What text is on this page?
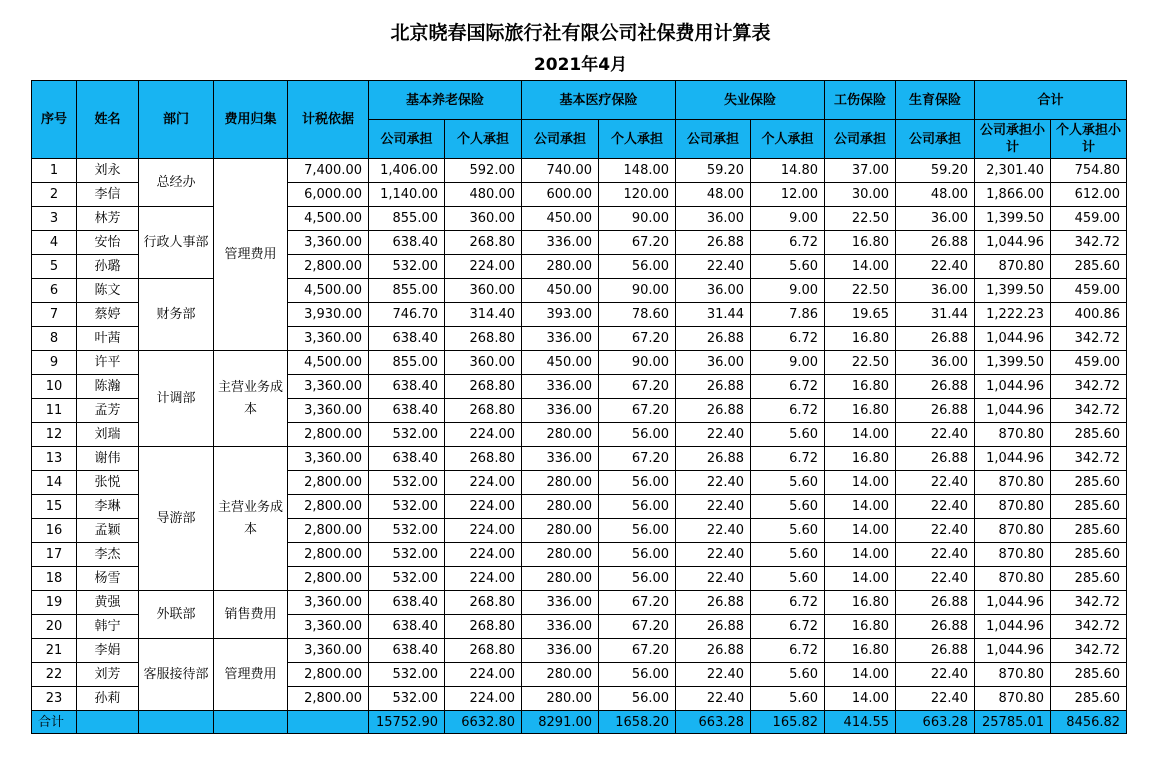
北京晓春国际旅行社有限公司社保费用计算表
2021年4月
序号	姓名	部门	费用归集	计税依据	基本养老保险		基本医疗保险		失业保险		工伤保险	生育保险	合计	
					公司承担	个人承担	公司承担	个人承担	公司承担	个人承担	公司承担	公司承担	公司承担小计	个人承担小计
1	刘永	总经办	管理费用	7,400.00	1,406.00	592.00	740.00	148.00	59.20	14.80	37.00	59.20	2,301.40	754.80
2	李信			6,000.00	1,140.00	480.00	600.00	120.00	48.00	12.00	30.00	48.00	1,866.00	612.00
3	林芳	行政人事部		4,500.00	855.00	360.00	450.00	90.00	36.00	9.00	22.50	36.00	1,399.50	459.00
4	安怡			3,360.00	638.40	268.80	336.00	67.20	26.88	6.72	16.80	26.88	1,044.96	342.72
5	孙璐			2,800.00	532.00	224.00	280.00	56.00	22.40	5.60	14.00	22.40	870.80	285.60
6	陈文	财务部		4,500.00	855.00	360.00	450.00	90.00	36.00	9.00	22.50	36.00	1,399.50	459.00
7	蔡婷			3,930.00	746.70	314.40	393.00	78.60	31.44	7.86	19.65	31.44	1,222.23	400.86
8	叶茜			3,360.00	638.40	268.80	336.00	67.20	26.88	6.72	16.80	26.88	1,044.96	342.72
9	许平	计调部	主营业务成本	4,500.00	855.00	360.00	450.00	90.00	36.00	9.00	22.50	36.00	1,399.50	459.00
10	陈瀚			3,360.00	638.40	268.80	336.00	67.20	26.88	6.72	16.80	26.88	1,044.96	342.72
11	孟芳			3,360.00	638.40	268.80	336.00	67.20	26.88	6.72	16.80	26.88	1,044.96	342.72
12	刘瑞			2,800.00	532.00	224.00	280.00	56.00	22.40	5.60	14.00	22.40	870.80	285.60
13	谢伟	导游部	主营业务成本	3,360.00	638.40	268.80	336.00	67.20	26.88	6.72	16.80	26.88	1,044.96	342.72
14	张悦			2,800.00	532.00	224.00	280.00	56.00	22.40	5.60	14.00	22.40	870.80	285.60
15	李琳			2,800.00	532.00	224.00	280.00	56.00	22.40	5.60	14.00	22.40	870.80	285.60
16	孟颖			2,800.00	532.00	224.00	280.00	56.00	22.40	5.60	14.00	22.40	870.80	285.60
17	李杰			2,800.00	532.00	224.00	280.00	56.00	22.40	5.60	14.00	22.40	870.80	285.60
18	杨雪			2,800.00	532.00	224.00	280.00	56.00	22.40	5.60	14.00	22.40	870.80	285.60
19	黄强	外联部	销售费用	3,360.00	638.40	268.80	336.00	67.20	26.88	6.72	16.80	26.88	1,044.96	342.72
20	韩宁			3,360.00	638.40	268.80	336.00	67.20	26.88	6.72	16.80	26.88	1,044.96	342.72
21	李娟	客服接待部	管理费用	3,360.00	638.40	268.80	336.00	67.20	26.88	6.72	16.80	26.88	1,044.96	342.72
22	刘芳			2,800.00	532.00	224.00	280.00	56.00	22.40	5.60	14.00	22.40	870.80	285.60
23	孙莉			2,800.00	532.00	224.00	280.00	56.00	22.40	5.60	14.00	22.40	870.80	285.60
合计					15752.90	6632.80	8291.00	1658.20	663.28	165.82	414.55	663.28	25785.01	8456.82
